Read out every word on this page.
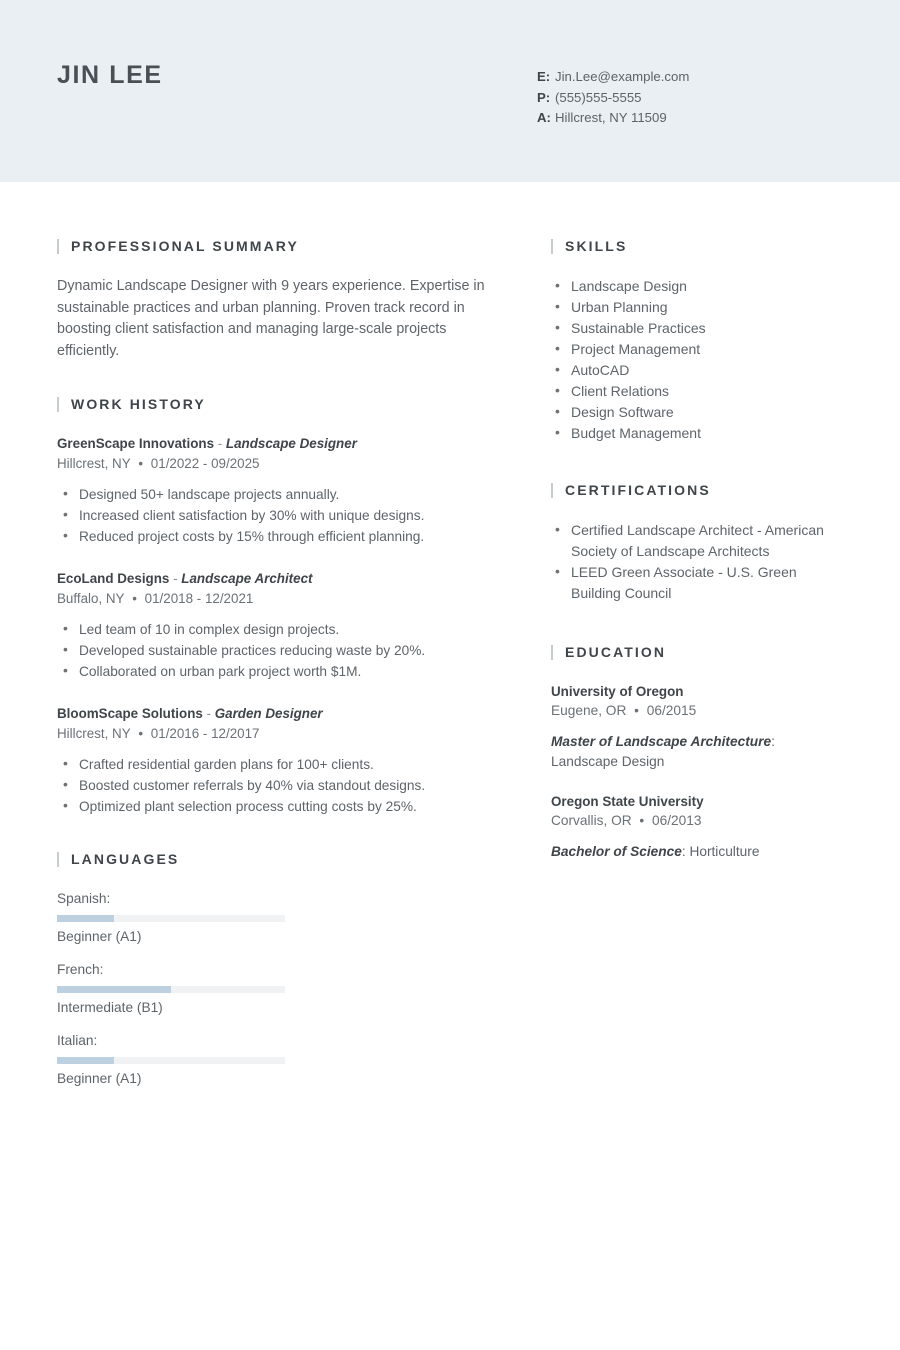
JIN LEE	E: Jin.Lee@example.com
P: (555)555-5555
A: Hillcrest, NY 11509
PROFESSIONAL SUMMARY

Dynamic Landscape Designer with 9 years experience. Expertise in sustainable practices and urban planning. Proven track record in boosting client satisfaction and managing large-scale projects efficiently.

WORK HISTORY
GreenScape Innovations - Landscape Designer
Hillcrest, NY • 01/2022 - 09/2025
• Designed 50+ landscape projects annually.
• Increased client satisfaction by 30% with unique designs.
• Reduced project costs by 15% through efficient planning.
EcoLand Designs - Landscape Architect
Buffalo, NY • 01/2018 - 12/2021
• Led team of 10 in complex design projects.
• Developed sustainable practices reducing waste by 20%.
• Collaborated on urban park project worth $1M.
BloomScape Solutions - Garden Designer
Hillcrest, NY • 01/2016 - 12/2017
• Crafted residential garden plans for 100+ clients.
• Boosted customer referrals by 40% via standout designs.
• Optimized plant selection process cutting costs by 25%.
LANGUAGES
Spanish:
Beginner (A1)
French:
Intermediate (B1)
Italian:
Beginner (A1)
SKILLS
• Landscape Design
• Urban Planning
• Sustainable Practices
• Project Management
• AutoCAD
• Client Relations
• Design Software
• Budget Management
CERTIFICATIONS
• Certified Landscape Architect - American Society of Landscape Architects
• LEED Green Associate - U.S. Green Building Council
EDUCATION
University of Oregon
Eugene, OR • 06/2015
Master of Landscape Architecture: Landscape Design
Oregon State University
Corvallis, OR • 06/2013
Bachelor of Science: Horticulture
